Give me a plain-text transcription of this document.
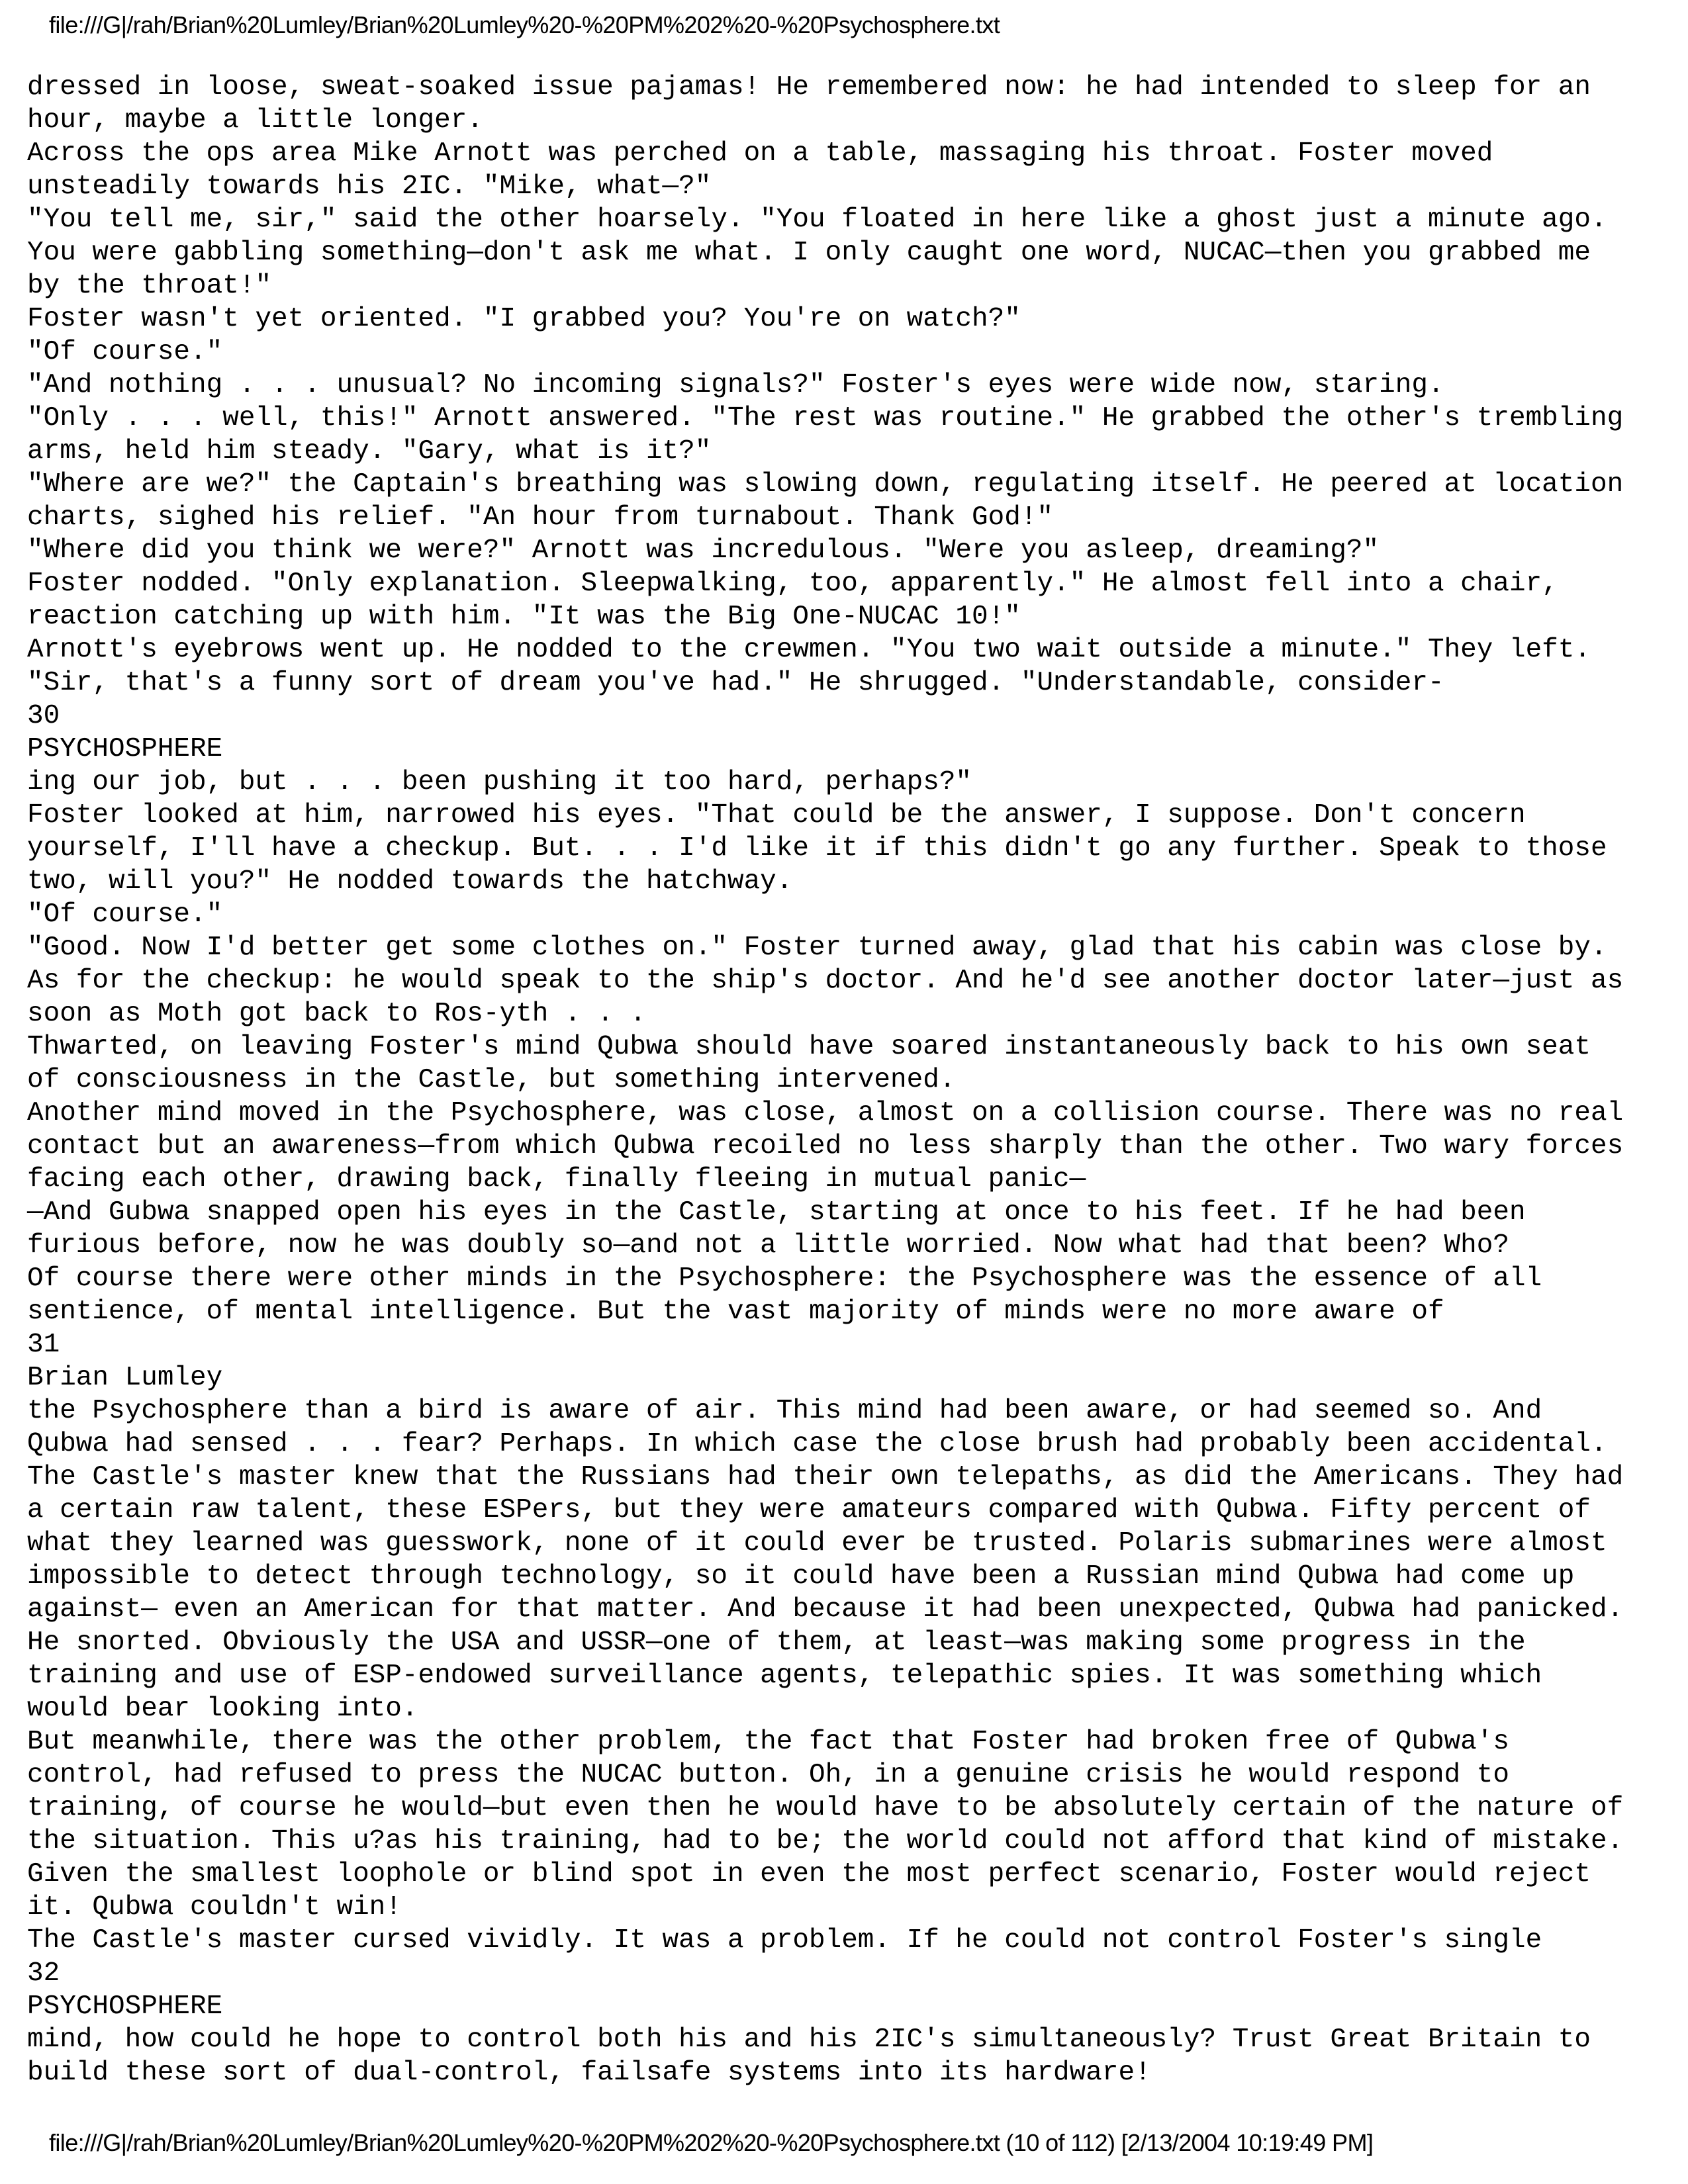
file:///G|/rah/Brian%20Lumley/Brian%20Lumley%20-%20PM%202%20-%20Psychosphere.txt
dressed in loose, sweat-soaked issue pajamas! He remembered now: he had intended to sleep for an
hour, maybe a little longer.
Across the ops area Mike Arnott was perched on a table, massaging his throat. Foster moved
unsteadily towards his 2IC. "Mike, what—?"
"You tell me, sir," said the other hoarsely. "You floated in here like a ghost just a minute ago.
You were gabbling something—don't ask me what. I only caught one word, NUCAC—then you grabbed me
by the throat!"
Foster wasn't yet oriented. "I grabbed you? You're on watch?"
"Of course."
"And nothing . . . unusual? No incoming signals?" Foster's eyes were wide now, staring.
"Only . . . well, this!" Arnott answered. "The rest was routine." He grabbed the other's trembling
arms, held him steady. "Gary, what is it?"
"Where are we?" the Captain's breathing was slowing down, regulating itself. He peered at location
charts, sighed his relief. "An hour from turnabout. Thank God!"
"Where did you think we were?" Arnott was incredulous. "Were you asleep, dreaming?"
Foster nodded. "Only explanation. Sleepwalking, too, apparently." He almost fell into a chair,
reaction catching up with him. "It was the Big One-NUCAC 10!"
Arnott's eyebrows went up. He nodded to the crewmen. "You two wait outside a minute." They left.
"Sir, that's a funny sort of dream you've had." He shrugged. "Understandable, consider-
30
PSYCHOSPHERE
ing our job, but . . . been pushing it too hard, perhaps?"
Foster looked at him, narrowed his eyes. "That could be the answer, I suppose. Don't concern
yourself, I'll have a checkup. But. . . I'd like it if this didn't go any further. Speak to those
two, will you?" He nodded towards the hatchway.
"Of course."
"Good. Now I'd better get some clothes on." Foster turned away, glad that his cabin was close by.
As for the checkup: he would speak to the ship's doctor. And he'd see another doctor later—just as
soon as Moth got back to Ros-yth . . .
Thwarted, on leaving Foster's mind Qubwa should have soared instantaneously back to his own seat
of consciousness in the Castle, but something intervened.
Another mind moved in the Psychosphere, was close, almost on a collision course. There was no real
contact but an awareness—from which Qubwa recoiled no less sharply than the other. Two wary forces
facing each other, drawing back, finally fleeing in mutual panic—
—And Gubwa snapped open his eyes in the Castle, starting at once to his feet. If he had been
furious before, now he was doubly so—and not a little worried. Now what had that been? Who?
Of course there were other minds in the Psychosphere: the Psychosphere was the essence of all
sentience, of mental intelligence. But the vast majority of minds were no more aware of
31
Brian Lumley
the Psychosphere than a bird is aware of air. This mind had been aware, or had seemed so. And
Qubwa had sensed . . . fear? Perhaps. In which case the close brush had probably been accidental.
The Castle's master knew that the Russians had their own telepaths, as did the Americans. They had
a certain raw talent, these ESPers, but they were amateurs compared with Qubwa. Fifty percent of
what they learned was guesswork, none of it could ever be trusted. Polaris submarines were almost
impossible to detect through technology, so it could have been a Russian mind Qubwa had come up
against— even an American for that matter. And because it had been unexpected, Qubwa had panicked.
He snorted. Obviously the USA and USSR—one of them, at least—was making some progress in the
training and use of ESP-endowed surveillance agents, telepathic spies. It was something which
would bear looking into.
But meanwhile, there was the other problem, the fact that Foster had broken free of Qubwa's
control, had refused to press the NUCAC button. Oh, in a genuine crisis he would respond to
training, of course he would—but even then he would have to be absolutely certain of the nature of
the situation. This u?as his training, had to be; the world could not afford that kind of mistake.
Given the smallest loophole or blind spot in even the most perfect scenario, Foster would reject
it. Qubwa couldn't win!
The Castle's master cursed vividly. It was a problem. If he could not control Foster's single
32
PSYCHOSPHERE
mind, how could he hope to control both his and his 2IC's simultaneously? Trust Great Britain to
build these sort of dual-control, failsafe systems into its hardware!
file:///G|/rah/Brian%20Lumley/Brian%20Lumley%20-%20PM%202%20-%20Psychosphere.txt (10 of 112) [2/13/2004 10:19:49 PM]
